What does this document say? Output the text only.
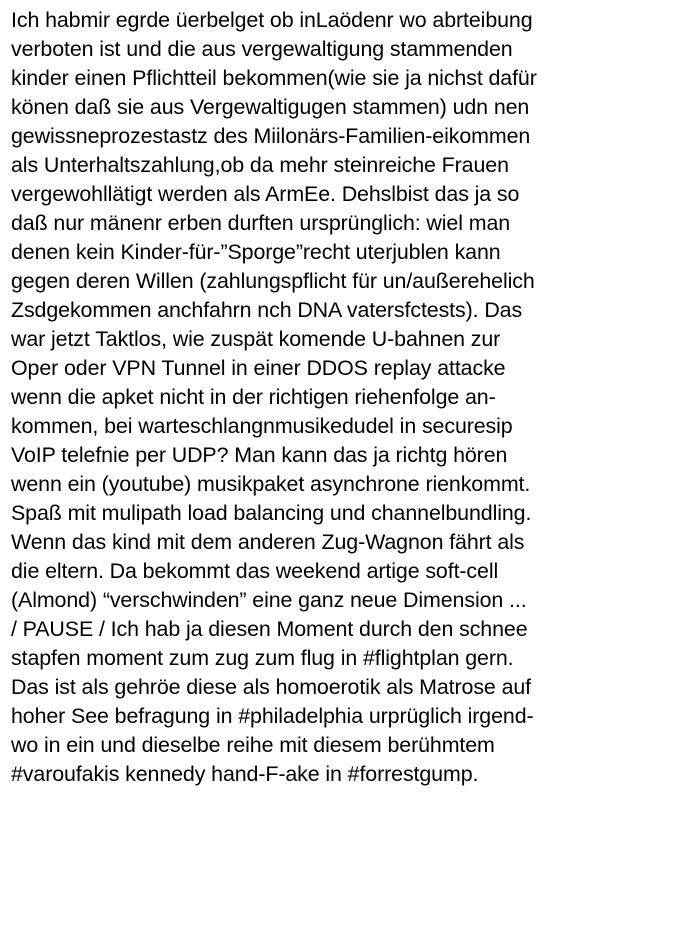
Ich habmir egrde üerbelget ob inLaödenr wo abrteibung
verboten ist und die aus vergewaltigung stammenden
kinder einen Pflichtteil bekommen(wie sie ja nichst dafür
könen daß sie aus Vergewaltigugen stammen) udn nen
gewissneprozestastz des Miilonärs-Familien-eikommen
als Unterhaltszahlung,ob da mehr steinreiche Frauen
vergewohllätigt werden als ArmEe. Dehslbist das ja so
daß nur mänenr erben durften ursprünglich: wiel man
denen kein Kinder-für-”Sporge”recht uterjublen kann
gegen deren Willen (zahlungspflicht für un/außerehelich
Zsdgekommen anchfahrn nch DNA vatersfctests). Das
war jetzt Taktlos, wie zuspät komende U-bahnen zur
Oper oder VPN Tunnel in einer DDOS replay attacke
wenn die apket nicht in der richtigen riehenfolge an-
kommen, bei warteschlangnmusikedudel in securesip
VoIP telefnie per UDP? Man kann das ja richtg hören
wenn ein (youtube) musikpaket asynchrone rienkommt.
Spaß mit mulipath load balancing und channelbundling.
Wenn das kind mit dem anderen Zug-Wagnon fährt als
die eltern. Da bekommt das weekend artige soft-cell
(Almond) “verschwinden” eine ganz neue Dimension ...
/ PAUSE / Ich hab ja diesen Moment durch den schnee
stapfen moment zum zug zum flug in #flightplan gern.
Das ist als gehröe diese als homoerotik als Matrose auf
hoher See befragung in #philadelphia urprüglich irgend-
wo in ein und dieselbe reihe mit diesem berühmtem
#varoufakis kennedy hand-F-ake in #forrestgump.
